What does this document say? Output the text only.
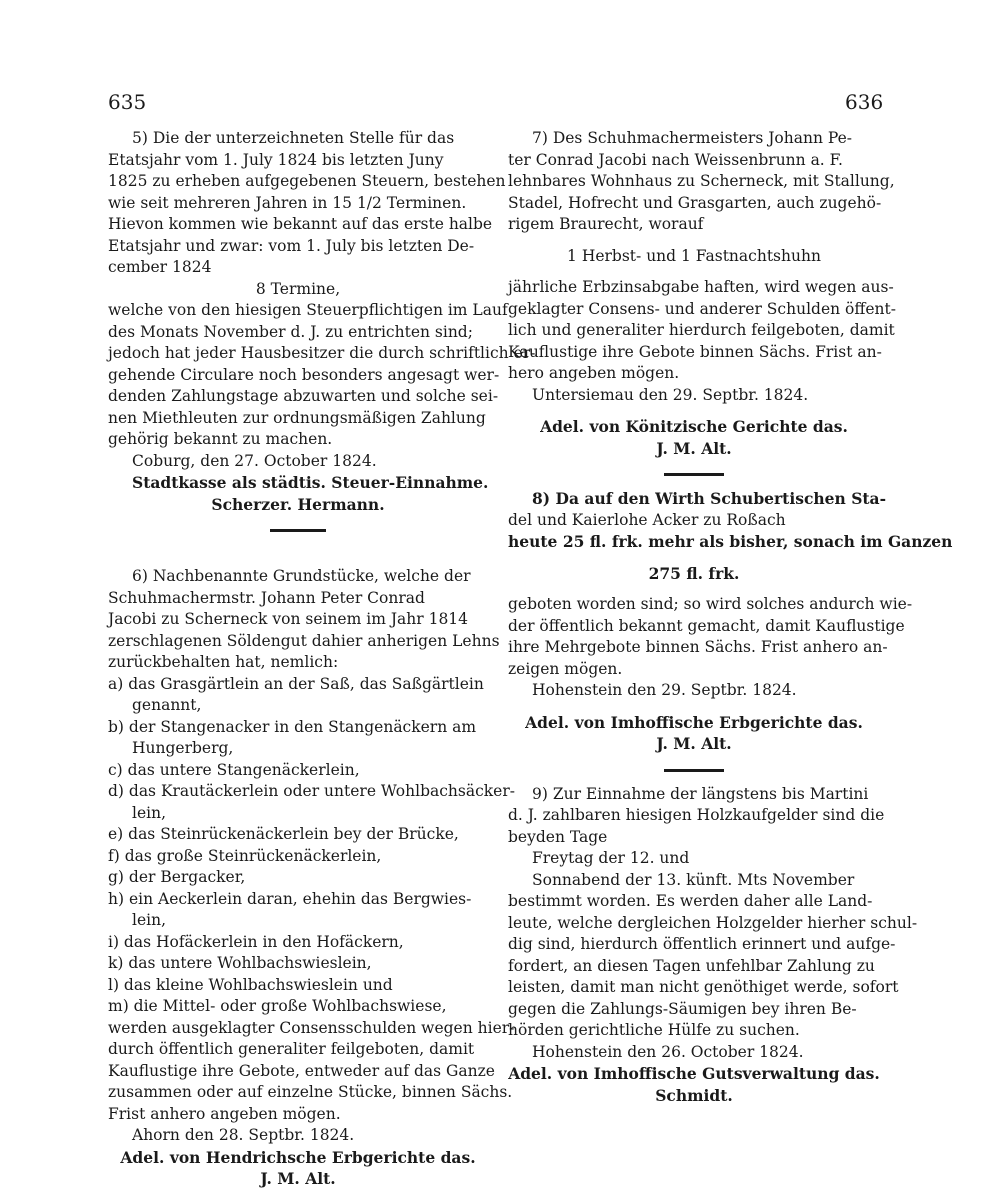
635	636
5) Die der unterzeichneten Stelle für das
Etatsjahr vom 1. July 1824 bis letzten Juny
1825 zu erheben aufgegebenen Steuern, bestehen
wie seit mehreren Jahren in 15 1/2 Terminen.
Hievon kommen wie bekannt auf das erste halbe
Etatsjahr und zwar: vom 1. July bis letzten De-
cember 1824
8 Termine,
welche von den hiesigen Steuerpflichtigen im Lauf
des Monats November d. J. zu entrichten sind;
jedoch hat jeder Hausbesitzer die durch schriftlich er-
gehende Circulare noch besonders angesagt wer-
denden Zahlungstage abzuwarten und solche sei-
nen Miethleuten zur ordnungsmäßigen Zahlung
gehörig bekannt zu machen.
Coburg, den 27. October 1824.
Stadtkasse als städtis. Steuer-Einnahme.
Scherzer. Hermann.
6) Nachbenannte Grundstücke, welche der
Schuhmachermstr. Johann Peter Conrad
Jacobi zu Scherneck von seinem im Jahr 1814
zerschlagenen Söldengut dahier anherigen Lehns
zurückbehalten hat, nemlich:
a) das Grasgärtlein an der Saß, das Saßgärtlein
genannt,
b) der Stangenacker in den Stangenäckern am
Hungerberg,
c) das untere Stangenäckerlein,
d) das Krautäckerlein oder untere Wohlbachsäcker-
lein,
e) das Steinrückenäckerlein bey der Brücke,
f) das große Steinrückenäckerlein,
g) der Bergacker,
h) ein Aeckerlein daran, ehehin das Bergwies-
lein,
i) das Hofäckerlein in den Hofäckern,
k) das untere Wohlbachswieslein,
l) das kleine Wohlbachswieslein und
m) die Mittel- oder große Wohlbachswiese,
werden ausgeklagter Consensschulden wegen hier-
durch öffentlich generaliter feilgeboten, damit
Kauflustige ihre Gebote, entweder auf das Ganze
zusammen oder auf einzelne Stücke, binnen Sächs.
Frist anhero angeben mögen.
Ahorn den 28. Septbr. 1824.
Adel. von Hendrichsche Erbgerichte das.
J. M. Alt.
7) Des Schuhmachermeisters Johann Pe-
ter Conrad Jacobi nach Weissenbrunn a. F.
lehnbares Wohnhaus zu Scherneck, mit Stallung,
Stadel, Hofrecht und Grasgarten, auch zugehö-
rigem Braurecht, worauf
1 Herbst- und 1 Fastnachtshuhn
jährliche Erbzinsabgabe haften, wird wegen aus-
geklagter Consens- und anderer Schulden öffent-
lich und generaliter hierdurch feilgeboten, damit
Kauflustige ihre Gebote binnen Sächs. Frist an-
hero angeben mögen.
Untersiemau den 29. Septbr. 1824.
Adel. von Könitzische Gerichte das.
J. M. Alt.
8) Da auf den Wirth Schubertischen Sta-
del und Kaierlohe Acker zu Roßach
heute 25 fl. frk. mehr als bisher, sonach im Ganzen
275 fl. frk.
geboten worden sind; so wird solches andurch wie-
der öffentlich bekannt gemacht, damit Kauflustige
ihre Mehrgebote binnen Sächs. Frist anhero an-
zeigen mögen.
Hohenstein den 29. Septbr. 1824.
Adel. von Imhoffische Erbgerichte das.
J. M. Alt.
9) Zur Einnahme der längstens bis Martini
d. J. zahlbaren hiesigen Holzkaufgelder sind die
beyden Tage
Freytag der 12. und
Sonnabend der 13. künft. Mts November
bestimmt worden. Es werden daher alle Land-
leute, welche dergleichen Holzgelder hierher schul-
dig sind, hierdurch öffentlich erinnert und aufge-
fordert, an diesen Tagen unfehlbar Zahlung zu
leisten, damit man nicht genöthiget werde, sofort
gegen die Zahlungs-Säumigen bey ihren Be-
hörden gerichtliche Hülfe zu suchen.
Hohenstein den 26. October 1824.
Adel. von Imhoffische Gutsverwaltung das.
Schmidt.
